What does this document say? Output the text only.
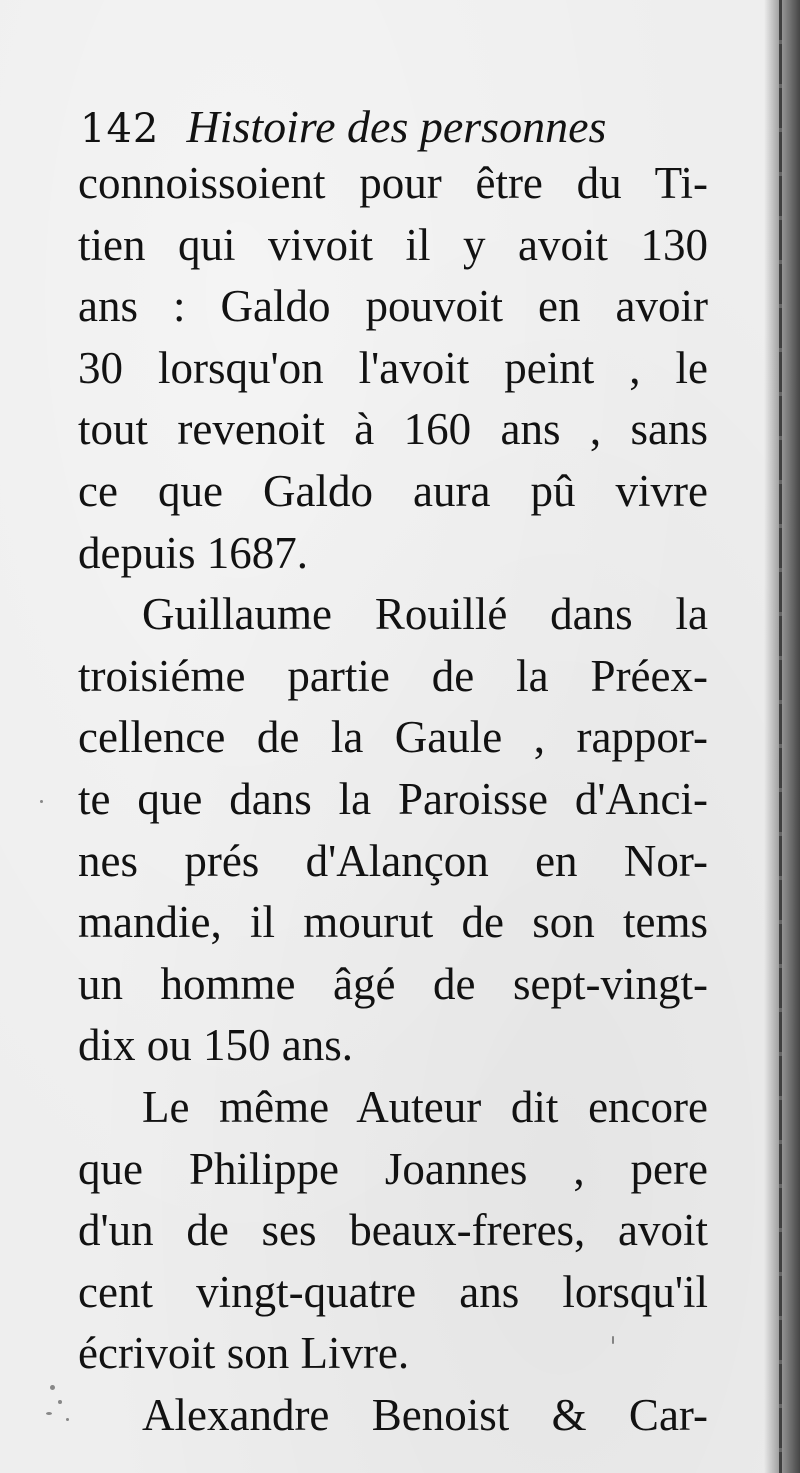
142 Histoire des personnes
connoissoient pour être du Ti-
tien qui vivoit il y avoit 130
ans : Galdo pouvoit en avoir
30 lorsqu'on l'avoit peint , le
tout revenoit à 160 ans , sans
ce que Galdo aura pû vivre
depuis 1687.
Guillaume Rouillé dans la
troisiéme partie de la Préex-
cellence de la Gaule , rappor-
te que dans la Paroisse d'Anci-
nes prés d'Alançon en Nor-
mandie, il mourut de son tems
un homme âgé de sept-vingt-
dix ou 150 ans.
Le même Auteur dit encore
que Philippe Joannes , pere
d'un de ses beaux-freres, avoit
cent vingt-quatre ans lorsqu'il
écrivoit son Livre.
Alexandre Benoist & Car-
